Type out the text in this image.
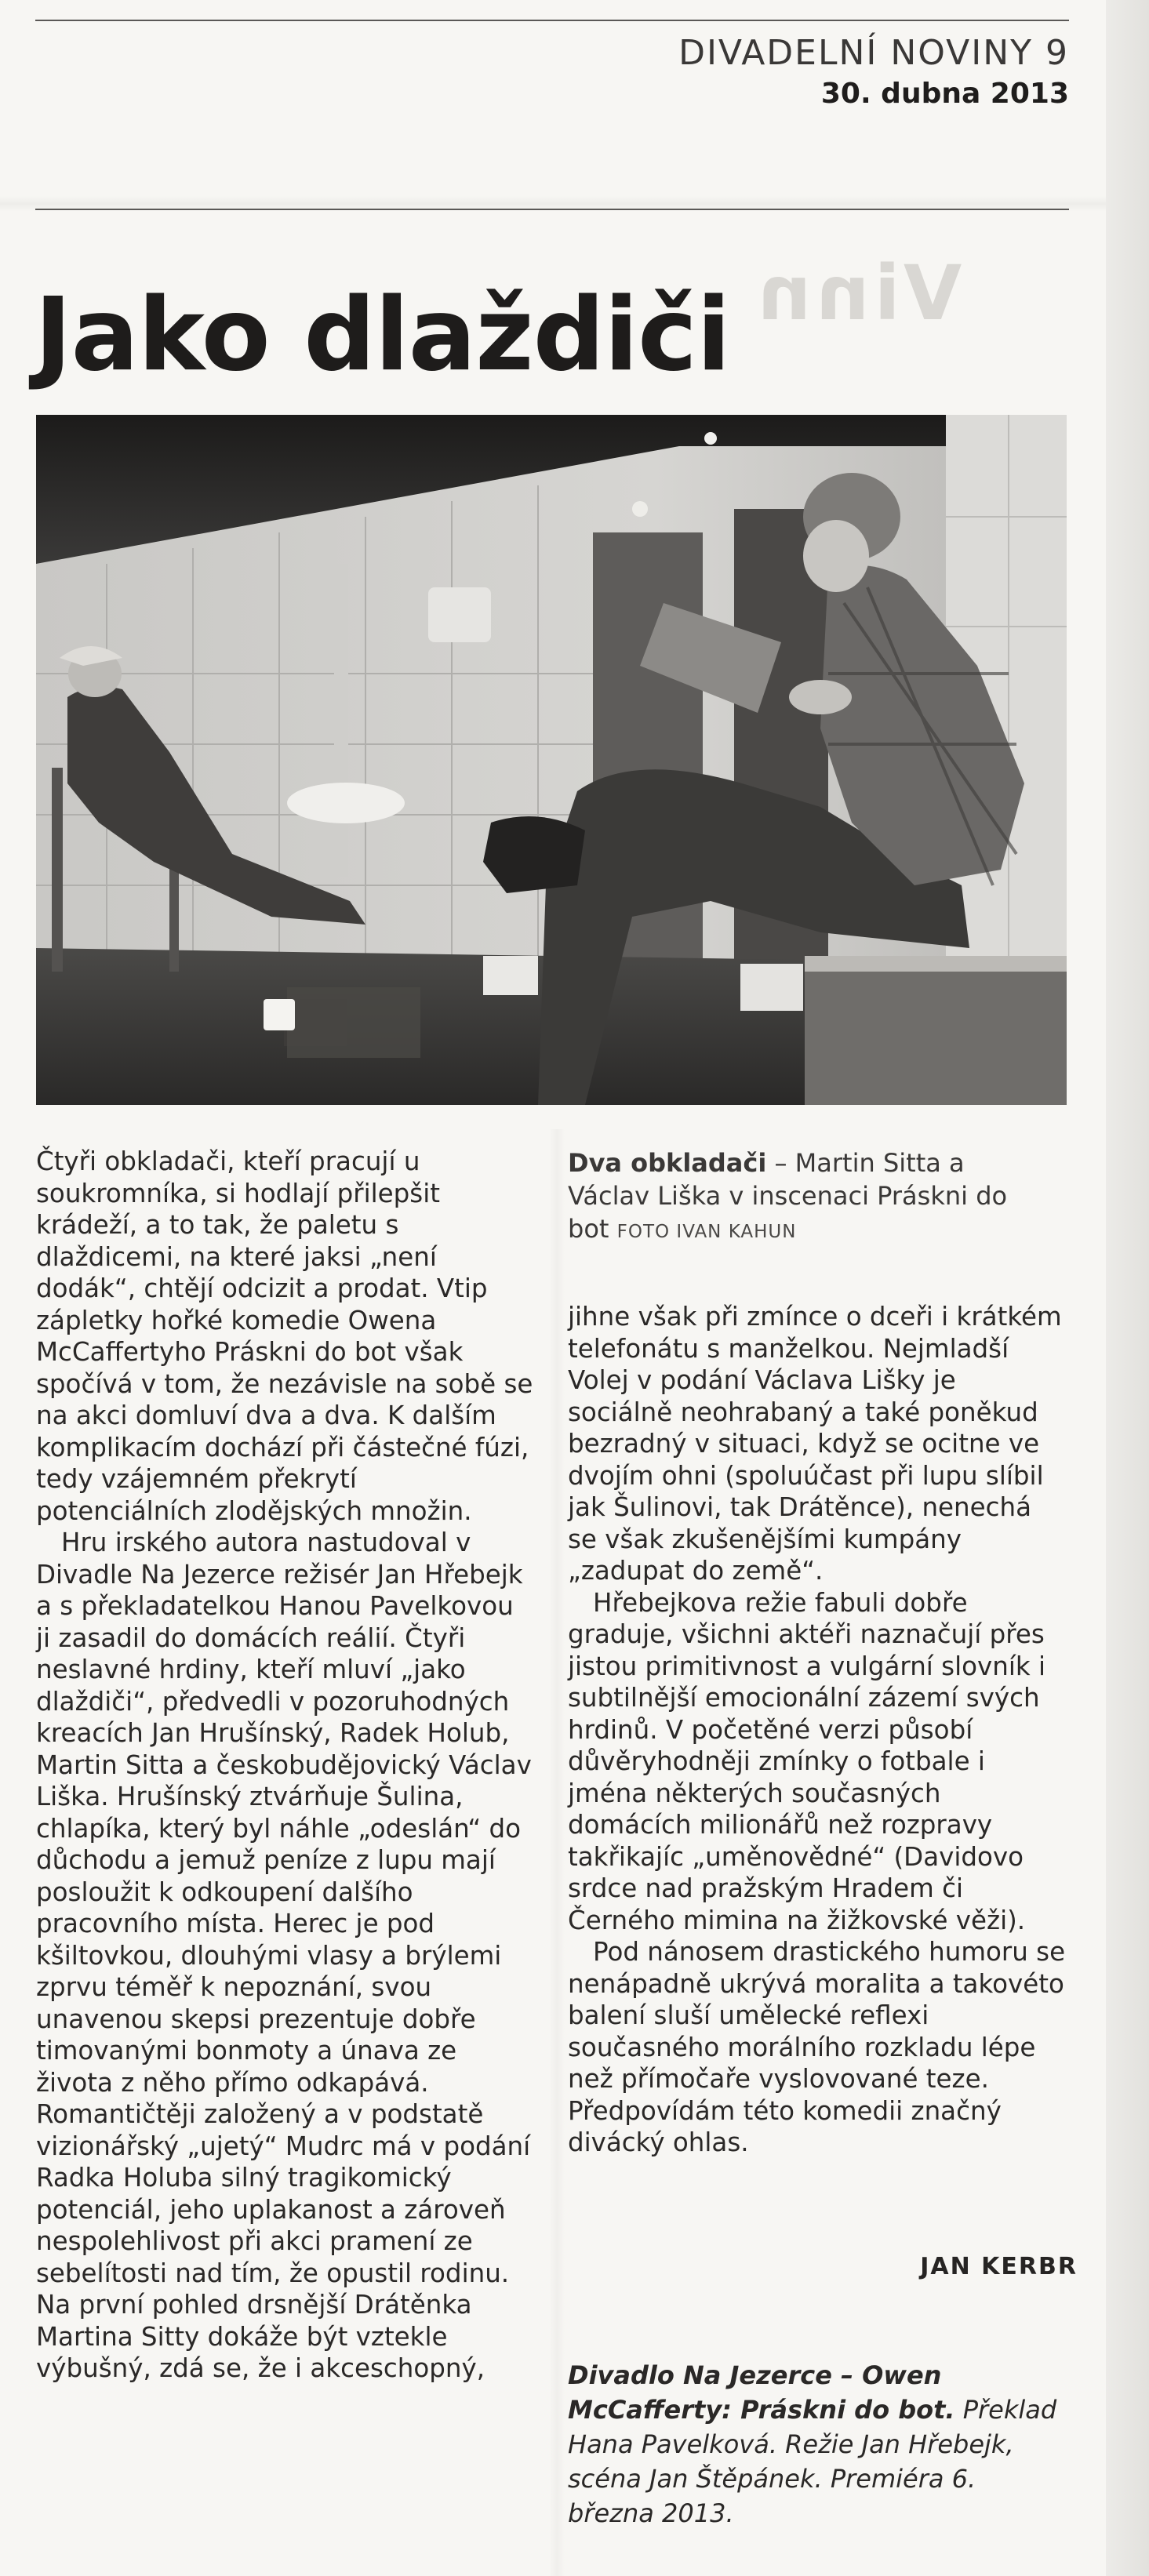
DIVADELNÍ NOVINY 9
30. dubna 2013
Vinn
Jako dlaždiči
Dva obkladači – Martin Sitta a Václav Liška v inscenaci Práskni do bot FOTO IVAN KAHUN

Čtyři obkladači, kteří pracují u soukromníka, si hodlají přilepšit krádeží, a to tak, že paletu s dlaždicemi, na které jaksi „není dodák“, chtějí odcizit a prodat. Vtip zápletky hořké komedie Owena McCaffertyho Práskni do bot však spočívá v tom, že nezávisle na sobě se na akci domluví dva a dva. K dalším komplikacím dochází při částečné fúzi, tedy vzájemném překrytí potenciálních zlodějských množin.

Hru irského autora nastudoval v Divadle Na Jezerce režisér Jan Hřebejk a s překladatelkou Hanou Pavelkovou ji zasadil do domácích reálií. Čtyři neslavné hrdiny, kteří mluví „jako dlaždiči“, předvedli v pozoruhodných kreacích Jan Hrušínský, Radek Holub, Martin Sitta a českobudějovický Václav Liška. Hrušínský ztvárňuje Šulina, chlapíka, který byl náhle „odeslán“ do důchodu a jemuž peníze z lupu mají posloužit k odkoupení dalšího pracovního místa. Herec je pod kšiltovkou, dlouhými vlasy a brýlemi zprvu téměř k nepoznání, svou unavenou skepsi prezentuje dobře timovanými bonmoty a únava ze života z něho přímo odkapává. Romantičtěji založený a v podstatě vizionářský „ujetý“ Mudrc má v podání Radka Holuba silný tragikomický potenciál, jeho uplakanost a zároveň nespolehlivost při akci pramení ze sebelítosti nad tím, že opustil rodinu. Na první pohled drsnější Drátěnka Martina Sitty dokáže být vztekle výbušný, zdá se, že i akceschopný,

jihne však při zmínce o dceři i krátkém telefonátu s manželkou. Nejmladší Volej v podání Václava Lišky je sociálně neohrabaný a také poněkud bezradný v situaci, když se ocitne ve dvojím ohni (spoluúčast při lupu slíbil jak Šulinovi, tak Drátěnce), nenechá se však zkušenějšími kumpány „zadupat do země“.

Hřebejkova režie fabuli dobře graduje, všichni aktéři naznačují přes jistou primitivnost a vulgární slovník i subtilnější emocionální zázemí svých hrdinů. V početěné verzi působí důvěryhodněji zmínky o fotbale i jména některých současných domácích milionářů než rozpravy takřikajíc „uměnovědné“ (Davidovo srdce nad pražským Hradem či Černého mimina na žižkovské věži).

Pod nánosem drastického humoru se nenápadně ukrývá moralita a takovéto balení sluší umělecké reflexi současného morálního rozkladu lépe než přímočaře vyslovované teze. Předpovídám této komedii značný divácký ohlas.

JAN KERBR
Divadlo Na Jezerce – Owen McCafferty: Práskni do bot. Překlad Hana Pavelková. Režie Jan Hřebejk, scéna Jan Štěpánek. Premiéra 6. března 2013.
